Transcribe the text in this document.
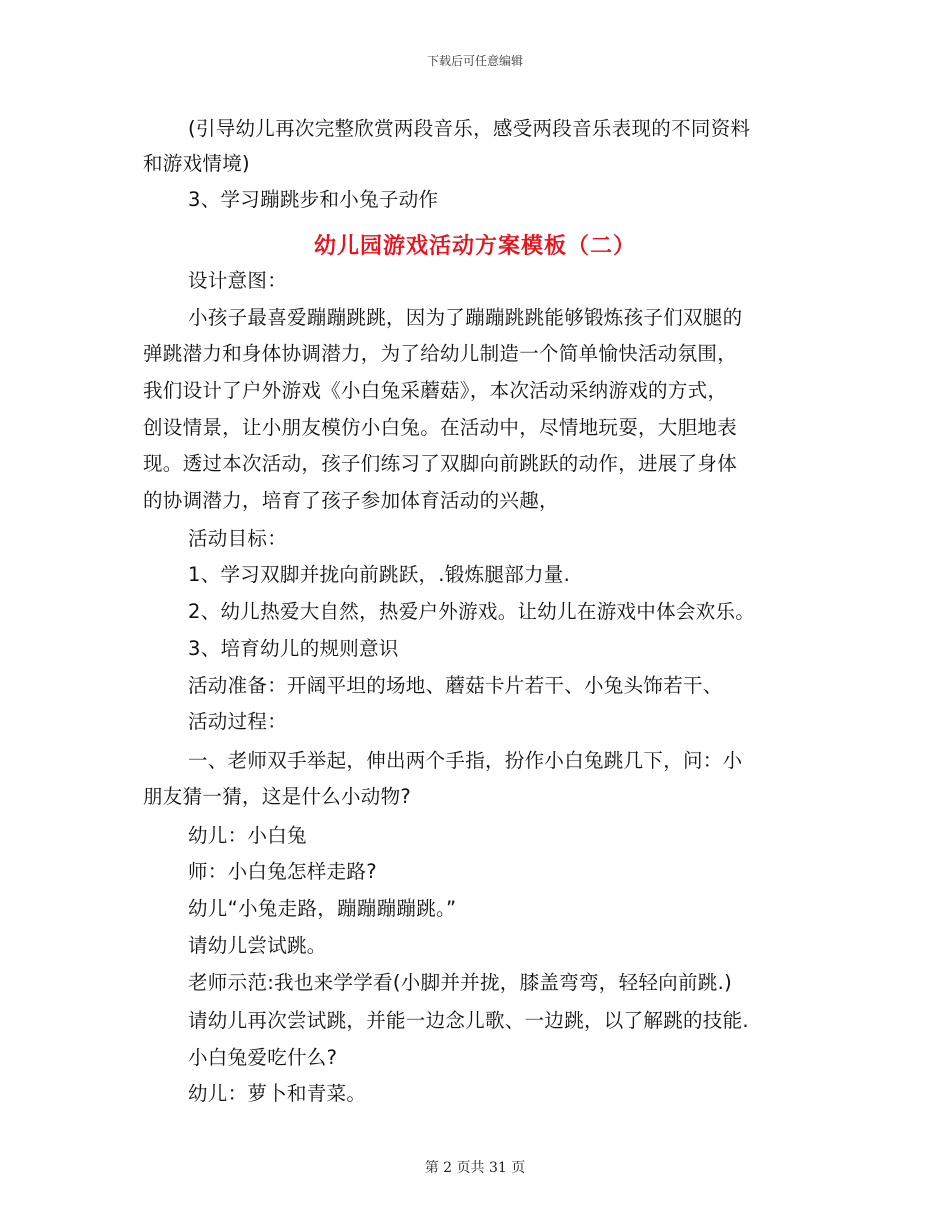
下载后可任意编辑
(引导幼儿再次完整欣赏两段音乐，感受两段音乐表现的不同资料
和游戏情境)
3、学习蹦跳步和小兔子动作
幼儿园游戏活动方案模板（二）
设计意图：
小孩子最喜爱蹦蹦跳跳，因为了蹦蹦跳跳能够锻炼孩子们双腿的
弹跳潜力和身体协调潜力，为了给幼儿制造一个简单愉快活动氛围，
我们设计了户外游戏《小白兔采蘑菇》，本次活动采纳游戏的方式，
创设情景，让小朋友模仿小白兔。在活动中，尽情地玩耍，大胆地表
现。透过本次活动，孩子们练习了双脚向前跳跃的动作，进展了身体
的协调潜力，培育了孩子参加体育活动的兴趣，
活动目标：
1、学习双脚并拢向前跳跃，.锻炼腿部力量.
2、幼儿热爱大自然，热爱户外游戏。让幼儿在游戏中体会欢乐。
3、培育幼儿的规则意识
活动准备：开阔平坦的场地、蘑菇卡片若干、小兔头饰若干、
活动过程：
一、老师双手举起，伸出两个手指，扮作小白兔跳几下，问：小
朋友猜一猜，这是什么小动物?
幼儿：小白兔
师：小白兔怎样走路?
幼儿“小兔走路，蹦蹦蹦蹦跳。”
请幼儿尝试跳。
老师示范:我也来学学看(小脚并并拢，膝盖弯弯，轻轻向前跳.)
请幼儿再次尝试跳，并能一边念儿歌、一边跳，以了解跳的技能.
小白兔爱吃什么?
幼儿：萝卜和青菜。
第 2 页共 31 页
